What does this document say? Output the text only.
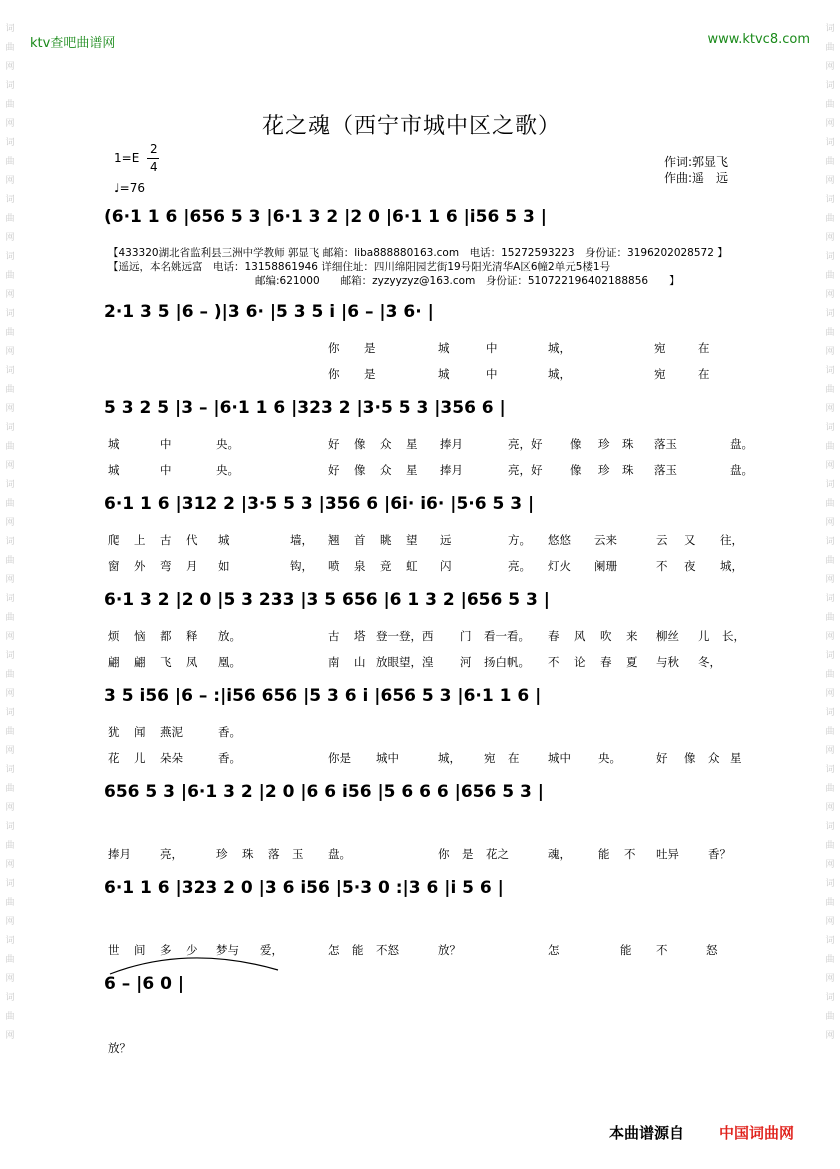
ktv查吧曲谱网	www.ktvc8.com
词曲网词曲网词曲网词曲网词曲网词曲网词曲网词曲网词曲网词曲网词曲网词曲网词曲网词曲网词曲网词曲网词曲网词曲网
词曲网词曲网词曲网词曲网词曲网词曲网词曲网词曲网词曲网词曲网词曲网词曲网词曲网词曲网词曲网词曲网词曲网词曲网
花之魂（西宁市城中区之歌）
1=E
2
4
♩=76
作词:郭显飞
作曲:遥　远
【433320湖北省监利县三洲中学教师 郭显飞 邮箱：liba888880163.com　电话：15272593223　身份证：3196202028572 】
【遥远，本名姚远富　电话：13158861946 详细住址：四川绵阳园艺街19号阳光清华A区6幢2单元5楼1号
邮编:621000　　邮箱：zyzyyzyz@163.com　身份证：510722196402188856　　】
(6·1 1 6 |656 5 3 |6·1 3 2 |2 0 |6·1 1 6 |i56 5 3 |
2·1 3 5 |6 – )|3 6· |5 3 5 i |6 – |3 6· |
你 是	城	中	城，	宛	在
你 是	城	中	城，	宛	在
5 3 2 5 |3 – |6·1 1 6 |323 2 |3·5 5 3 |356 6 |
城	中	央。	好 像 众 星 捧月	亮，好 像 珍 珠 落玉	盘。
城	中	央。	好 像 众 星 捧月	亮，好 像 珍 珠 落玉	盘。
6·1 1 6 |312 2 |3·5 5 3 |356 6 |6i· i6· |5·6 5 3 |
爬 上 古 代 城	墙， 翘 首 眺 望 远	方。 悠悠 云来	云 又 往，
窗 外 弯 月 如	钩， 喷 泉 竞 虹 闪	亮。 灯火 阑珊	不 夜 城，
6·1 3 2 |2 0 |5 3 233 |3 5 656 |6 1 3 2 |656 5 3 |
烦 恼 都 释 放。	古 塔 登一登，西 门 看一看。 春 风 吹 来 柳丝 儿 长，
翩 翩 飞 凤 凰。	南 山 放眼望，湟 河 扬白帆。 不 论 春 夏 与秋 冬，
3 5 i56 |6 – :|i56 656 |5 3 6 i |656 5 3 |6·1 1 6 |
犹 闻 燕泥	香。
花 儿 朵朵	香。	你是 城中	城， 宛 在 城中 央。	好 像 众 星
656 5 3 |6·1 3 2 |2 0 |6 6 i56 |5 6 6 6 |656 5 3 |
捧月	亮，	珍 珠 落 玉 盘。	你 是 花之	魂， 能 不 吐异	香？
6·1 1 6 |323 2 0 |3 6 i56 |5·3 0 :|3 6 |i 5 6 |
世 间 多 少 梦与 爱，	怎 能 不怒	放？	怎	能 不	怒
6 – |6 0 |
放？
本曲谱源自 中国词曲网
